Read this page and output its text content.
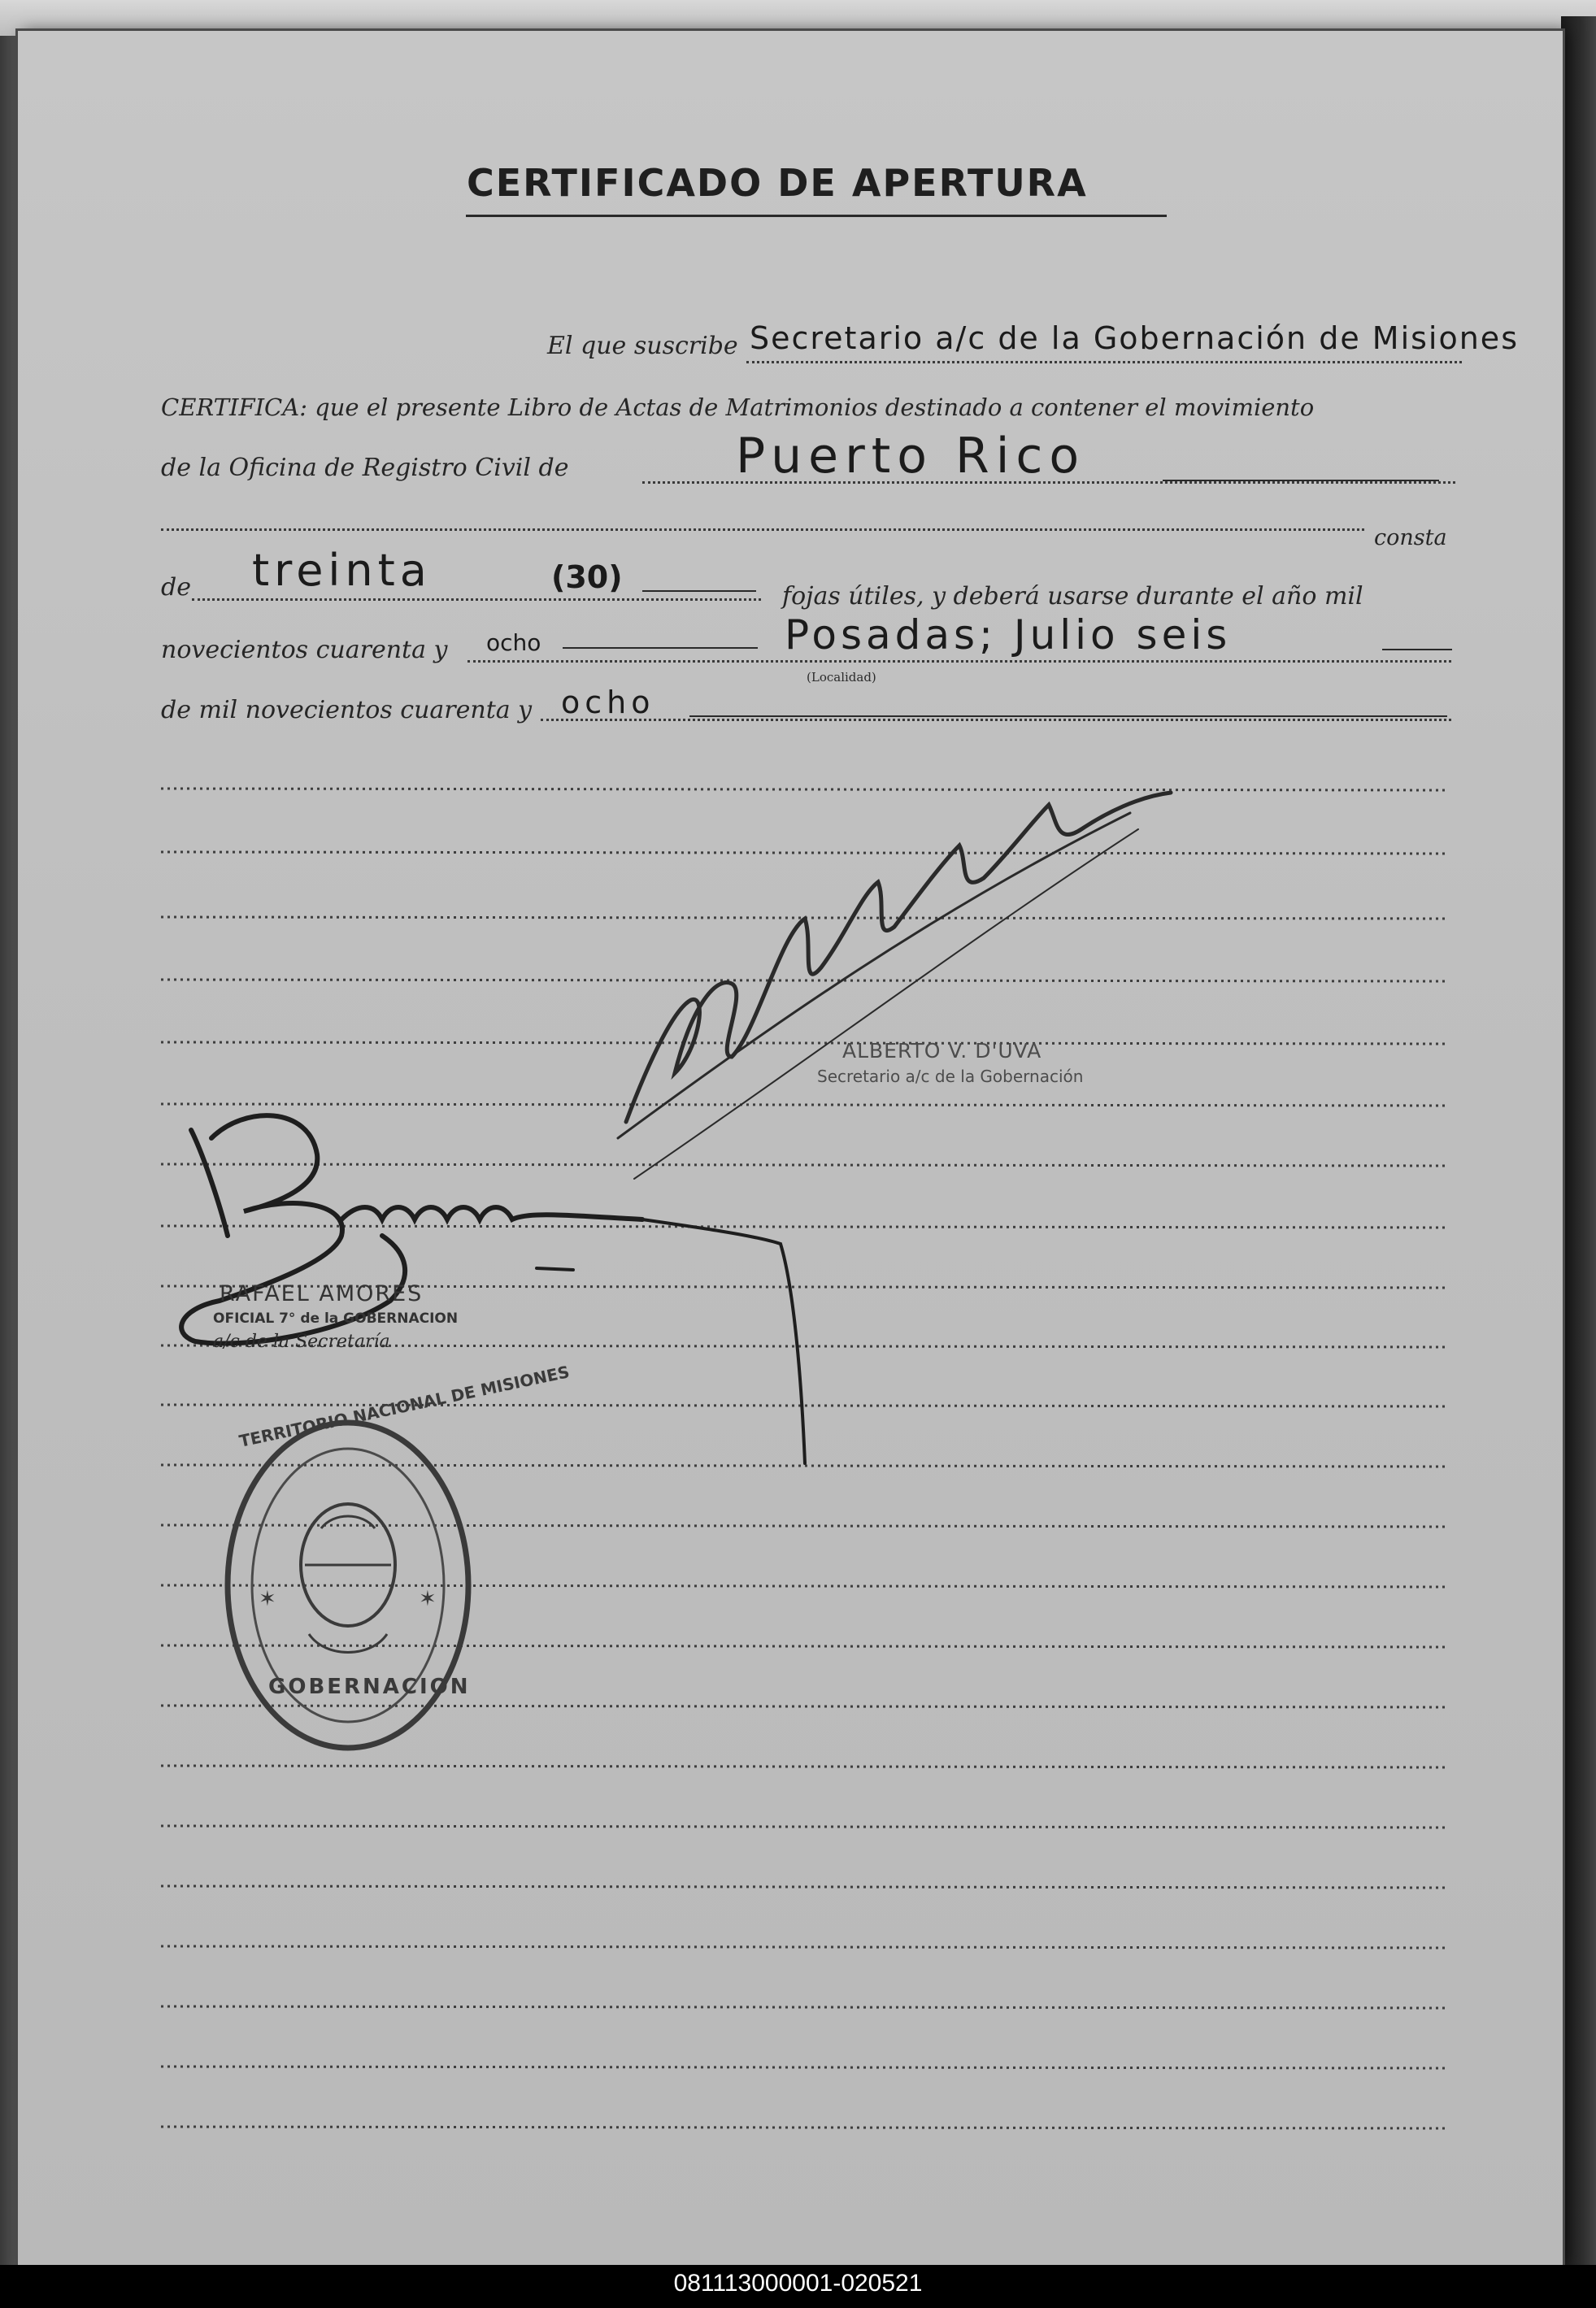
CERTIFICADO DE APERTURA
El que suscribe Secretario a/c de la Gobernación de Misiones
CERTIFICA: que el presente Libro de Actas de Matrimonios destinado a contener el movimiento
de la Oficina de Registro Civil de	Puerto Rico
consta
de treinta	(30)
fojas útiles, y deberá usarse durante el año mil
novecientos cuarenta y ocho	Posadas; Julio seis
(Localidad)
de mil novecientos cuarenta y ocho
✶	✶
TERRITORIO NACIONAL DE MISIONES
GOBERNACION
ALBERTO V. D'UVA
Secretario a/c de la Gobernación
RAFAEL AMORES
OFICIAL 7° de la GOBERNACION
a/c de la Secretaría
081113000001-020521
